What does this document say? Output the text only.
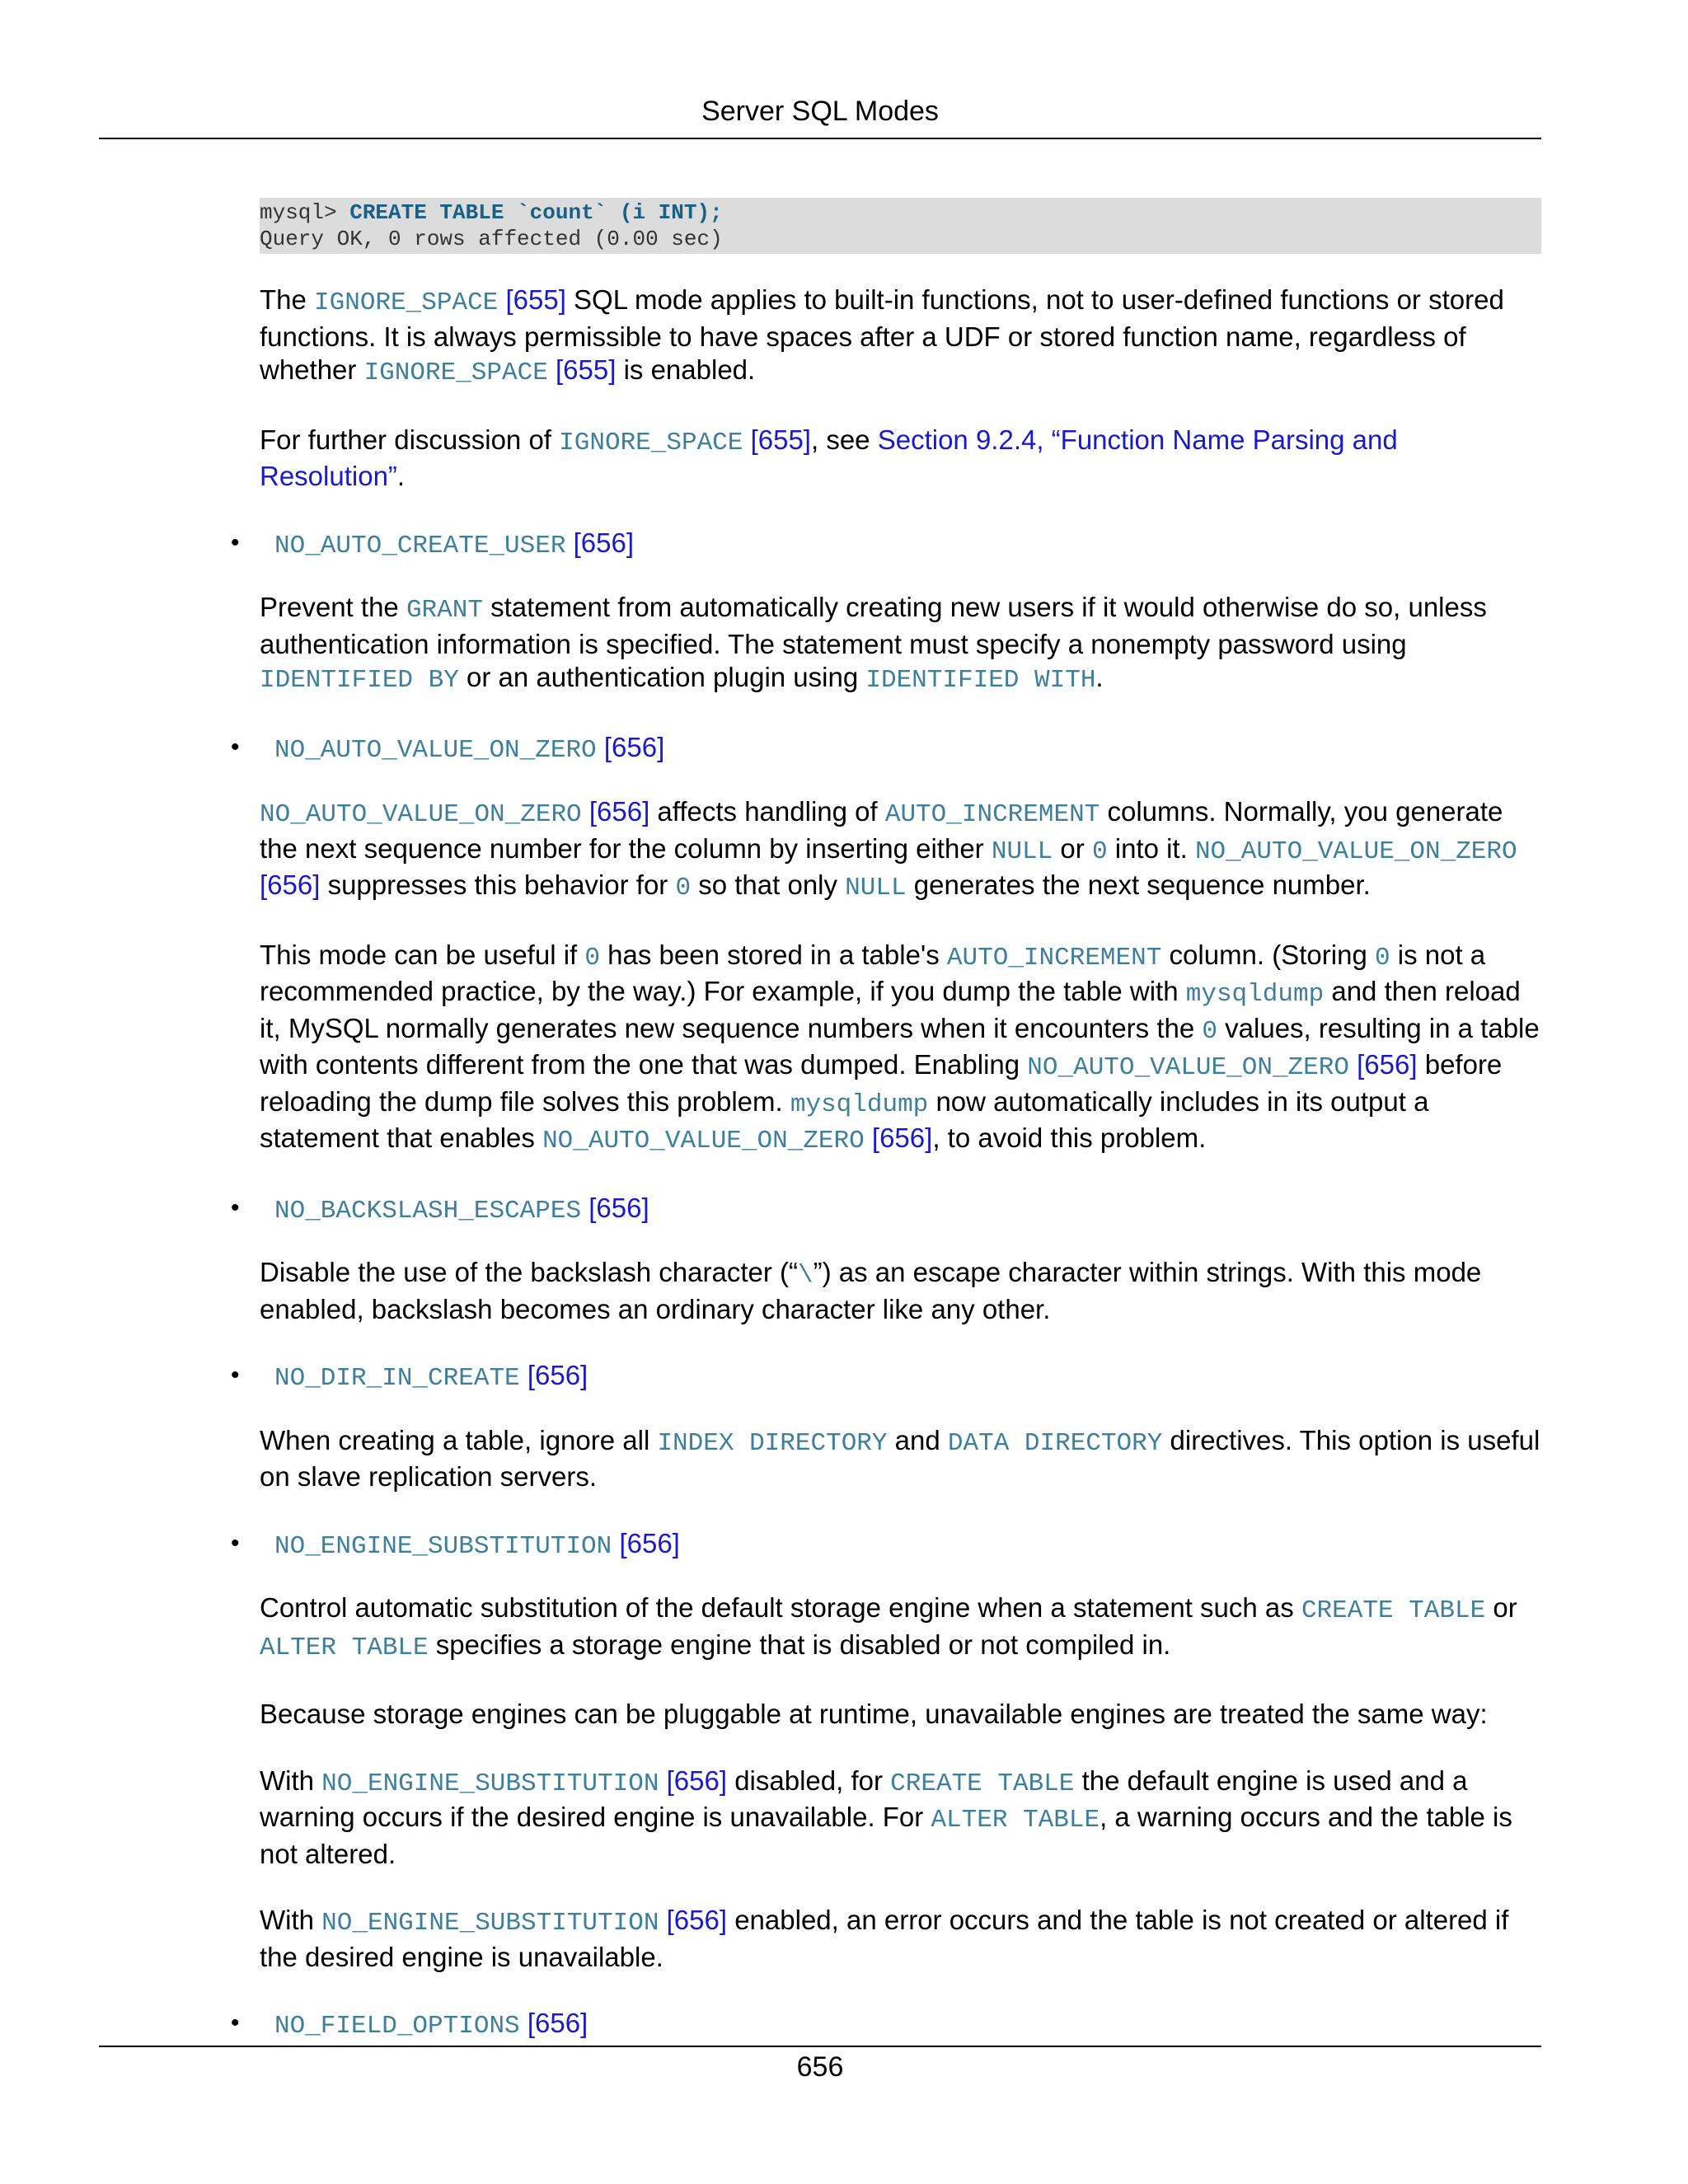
Server SQL Modes
mysql> CREATE TABLE `count` (i INT);
Query OK, 0 rows affected (0.00 sec)

The IGNORE_SPACE [655] SQL mode applies to built-in functions, not to user-defined functions or stored functions. It is always permissible to have spaces after a UDF or stored function name, regardless of whether IGNORE_SPACE [655] is enabled.

For further discussion of IGNORE_SPACE [655], see Section 9.2.4, “Function Name Parsing and Resolution”.

•	NO_AUTO_CREATE_USER [656]

Prevent the GRANT statement from automatically creating new users if it would otherwise do so, unless authentication information is specified. The statement must specify a nonempty password using IDENTIFIED BY or an authentication plugin using IDENTIFIED WITH.

•	NO_AUTO_VALUE_ON_ZERO [656]

NO_AUTO_VALUE_ON_ZERO [656] affects handling of AUTO_INCREMENT columns. Normally, you generate the next sequence number for the column by inserting either NULL or 0 into it. NO_AUTO_VALUE_ON_ZERO [656] suppresses this behavior for 0 so that only NULL generates the next sequence number.

This mode can be useful if 0 has been stored in a table's AUTO_INCREMENT column. (Storing 0 is not a recommended practice, by the way.) For example, if you dump the table with mysqldump and then reload it, MySQL normally generates new sequence numbers when it encounters the 0 values, resulting in a table with contents different from the one that was dumped. Enabling NO_AUTO_VALUE_ON_ZERO [656] before reloading the dump file solves this problem. mysqldump now automatically includes in its output a statement that enables NO_AUTO_VALUE_ON_ZERO [656], to avoid this problem.

•	NO_BACKSLASH_ESCAPES [656]

Disable the use of the backslash character (“\”) as an escape character within strings. With this mode enabled, backslash becomes an ordinary character like any other.

•	NO_DIR_IN_CREATE [656]

When creating a table, ignore all INDEX DIRECTORY and DATA DIRECTORY directives. This option is useful on slave replication servers.

•	NO_ENGINE_SUBSTITUTION [656]

Control automatic substitution of the default storage engine when a statement such as CREATE TABLE or ALTER TABLE specifies a storage engine that is disabled or not compiled in.

Because storage engines can be pluggable at runtime, unavailable engines are treated the same way:

With NO_ENGINE_SUBSTITUTION [656] disabled, for CREATE TABLE the default engine is used and a warning occurs if the desired engine is unavailable. For ALTER TABLE, a warning occurs and the table is not altered.

With NO_ENGINE_SUBSTITUTION [656] enabled, an error occurs and the table is not created or altered if the desired engine is unavailable.

•	NO_FIELD_OPTIONS [656]
656
